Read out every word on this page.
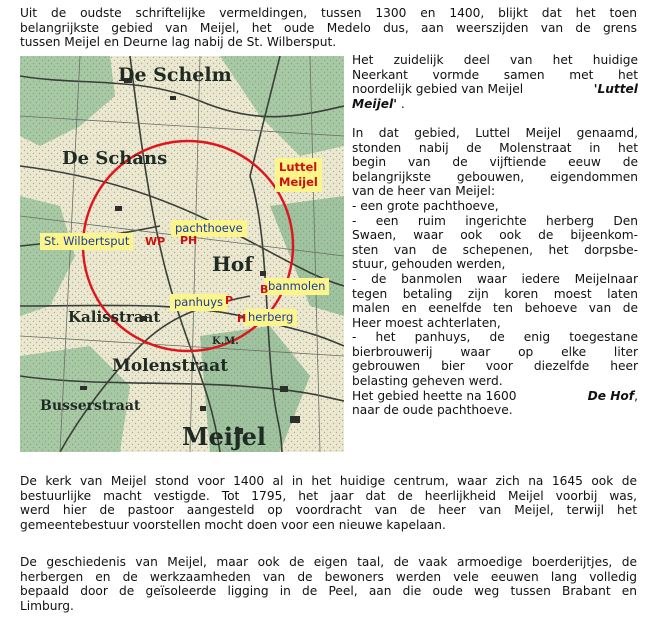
Uit de oudste schriftelijke vermeldingen, tussen 1300 en 1400, blijkt dat het toen
belangrijkste gebied van Meijel, het oude Medelo dus, aan weerszijden van de grens
tussen Meijel en Deurne lag nabij de St. Wilbersput.
De Schelm
De Schans
Hof
Kalisstraat
Molenstraat
Busserstraat
Meijel
K.M.
Luttel
Meijel
pachthoeve
St. Wilbertsput
banmolen
panhuys
herberg
WP PH
P
B
H
Het zuidelijk deel van het huidige
Neerkant vormde samen met het
noordelijk gebied van Meijel	'Luttel
Meijel' .
In dat gebied, Luttel Meijel genaamd,
stonden nabij de Molenstraat in het
begin van de vijftiende eeuw de
belangrijkste gebouwen, eigendommen
van de heer van Meijel:
- een grote pachthoeve,
- een ruim ingerichte herberg Den
Swaen, waar ook ook de bijeenkom-
sten van de schepenen, het dorpsbe-
stuur, gehouden werden,
- de banmolen waar iedere Meijelnaar
tegen betaling zijn koren moest laten
malen en eenelfde ten behoeve van de
Heer moest achterlaten,
- het panhuys, de enig toegestane
bierbrouwerij waar op elke liter
gebrouwen bier voor diezelfde heer
belasting geheven werd.
Het gebied heette na 1600	De Hof,
naar de oude pachthoeve.
De kerk van Meijel stond voor 1400 al in het huidige centrum, waar zich na 1645 ook de
bestuurlijke macht vestigde. Tot 1795, het jaar dat de heerlijkheid Meijel voorbij was,
werd hier de pastoor aangesteld op voordracht van de heer van Meijel, terwijl het
gemeentebestuur voorstellen mocht doen voor een nieuwe kapelaan.
De geschiedenis van Meijel, maar ook de eigen taal, de vaak armoedige boerderijtjes, de
herbergen en de werkzaamheden van de bewoners werden vele eeuwen lang volledig
bepaald door de geïsoleerde ligging in de Peel, aan die oude weg tussen Brabant en
Limburg.
